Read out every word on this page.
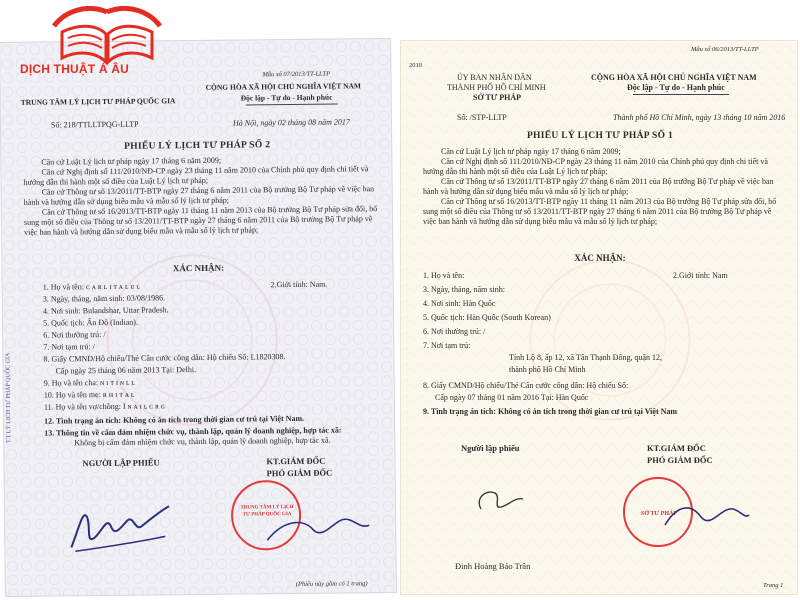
DỊCH THUẬT Á ÂU
T.T LÝ LỊCH TƯ PHÁP QUỐC GIA
Mẫu số 07/2013/TT-LLTP
TRUNG TÂM LÝ LỊCH TƯ PHÁP QUỐC GIA
CỘNG HÒA XÃ HỘI CHỦ NGHĨA VIỆT NAM
Độc lập - Tự do - Hạnh phúc
Số: 218/TTLLTPQG-LLTP	Hà Nội, ngày 02 tháng 08 năm 2017
PHIẾU LÝ LỊCH TƯ PHÁP SỐ 2
Căn cứ Luật Lý lịch tư pháp ngày 17 tháng 6 năm 2009;
Căn cứ Nghị định số 111/2010/NĐ-CP ngày 23 tháng 11 năm 2010 của Chính phủ quy định chi tiết và hướng dẫn thi hành một số điều của Luật Lý lịch tư pháp;
Căn cứ Thông tư số 13/2011/TT-BTP ngày 27 tháng 6 năm 2011 của Bộ trưởng Bộ Tư pháp về việc ban hành và hướng dẫn sử dụng biểu mẫu và mẫu sổ lý lịch tư pháp;
Căn cứ Thông tư số 16/2013/TT-BTP ngày 11 tháng 11 năm 2013 của Bộ trưởng Bộ Tư pháp sửa đổi, bổ sung một số điều của Thông tư số 13/2011/TT-BTP ngày 27 tháng 6 năm 2011 của Bộ trưởng Bộ Tư pháp về việc ban hành và hướng dẫn sử dụng biểu mẫu và mẫu sổ lý lịch tư pháp;
XÁC NHẬN:
1. Họ và tên: ᴄ ᴀ ʀ ʟ ɪ ᴛ ᴀ ʟ ᴜ ʟ	2.Giới tính: Nam.
3. Ngày, tháng, năm sinh: 03/08/1986.
4. Nơi sinh: Bulandshar, Uttar Pradesh.
5. Quốc tịch: Ấn Độ (Indian).
6. Nơi thường trú: /
7. Nơi tạm trú: /
8. Giấy CMND/Hộ chiếu/Thẻ Căn cước công dân: Hộ chiếu Số: L1820308.
Cấp ngày 25 tháng 06 năm 2013 Tại: Delhi.
9. Họ và tên cha: ɴ ɪ ᴛ ɪ ɴ ʟ ʟ
10. Họ và tên mẹ: ʀ ʜ ɪ ᴛ ᴀ ʟ
11. Họ và tên vợ/chồng: I ɴ ᴀ ɪ ʟ ᴄ ʀ ɢ
12. Tình trạng án tích: Không có án tích trong thời gian cư trú tại Việt Nam.
13. Thông tin về cấm đảm nhiệm chức vụ, thành lập, quản lý doanh nghiệp, hợp tác xã:
Không bị cấm đảm nhiệm chức vụ, thành lập, quản lý doanh nghiệp, hợp tác xã.
NGƯỜI LẬP PHIẾU	KT.GIÁM ĐỐC
PHÓ GIÁM ĐỐC
TRUNG TÂM LÝ LỊCH TƯ PHÁP QUỐC GIA
(Phiếu này gồm có 1 trang)
2010
Mẫu số 06/2013/TT-LLTP
ỦY BAN NHÂN DÂN
THÀNH PHỐ HỒ CHÍ MINH
SỞ TƯ PHÁP
CỘNG HÒA XÃ HỘI CHỦ NGHĨA VIỆT NAM
Độc lập - Tự do - Hạnh phúc
Số: /STP-LLTP	Thành phố Hồ Chí Minh, ngày 13 tháng 10 năm 2016
PHIẾU LÝ LỊCH TƯ PHÁP SỐ 1
Căn cứ Luật Lý lịch tư pháp ngày 17 tháng 6 năm 2009;
Căn cứ Nghị định số 111/2010/NĐ-CP ngày 23 tháng 11 năm 2010 của Chính phủ quy định chi tiết và hướng dẫn thi hành một số điều của Luật Lý lịch tư pháp;
Căn cứ Thông tư số 13/2011/TT-BTP ngày 27 tháng 6 năm 2011 của Bộ trưởng Bộ Tư pháp về việc ban hành và hướng dẫn sử dụng biểu mẫu và mẫu sổ lý lịch tư pháp;
Căn cứ Thông tư số 16/2013/TT-BTP ngày 11 tháng 11 năm 2013 của Bộ trưởng Bộ Tư pháp sửa đổi, bổ sung một số điều của Thông tư số 13/2011/TT-BTP ngày 27 tháng 6 năm 2011 của Bộ trưởng Bộ Tư pháp về việc ban hành và hướng dẫn sử dụng biểu mẫu và mẫu sổ lý lịch tư pháp;
XÁC NHẬN:
1. Họ và tên:	2.Giới tính: Nam
3. Ngày, tháng, năm sinh:
4. Nơi sinh: Hàn Quốc
5. Quốc tịch: Hàn Quốc (South Korean)
6. Nơi thường trú: /
7. Nơi tạm trú:
Tỉnh Lộ 8, ấp 12, xã Tân Thạnh Đông, quận 12,
thành phố Hồ Chí Minh
8. Giấy CMND/Hộ chiếu/Thẻ Căn cước công dân: Hộ chiếu Số:
Cấp ngày 07 tháng 01 năm 2016 Tại: Hàn Quốc
9. Tình trạng án tích: Không có án tích trong thời gian cư trú tại Việt Nam
Người lập phiếu	KT.GIÁM ĐỐC
PHÓ GIÁM ĐỐC
SỞ TƯ PHÁP
Đinh Hoàng Bảo Trân
Trang 1
